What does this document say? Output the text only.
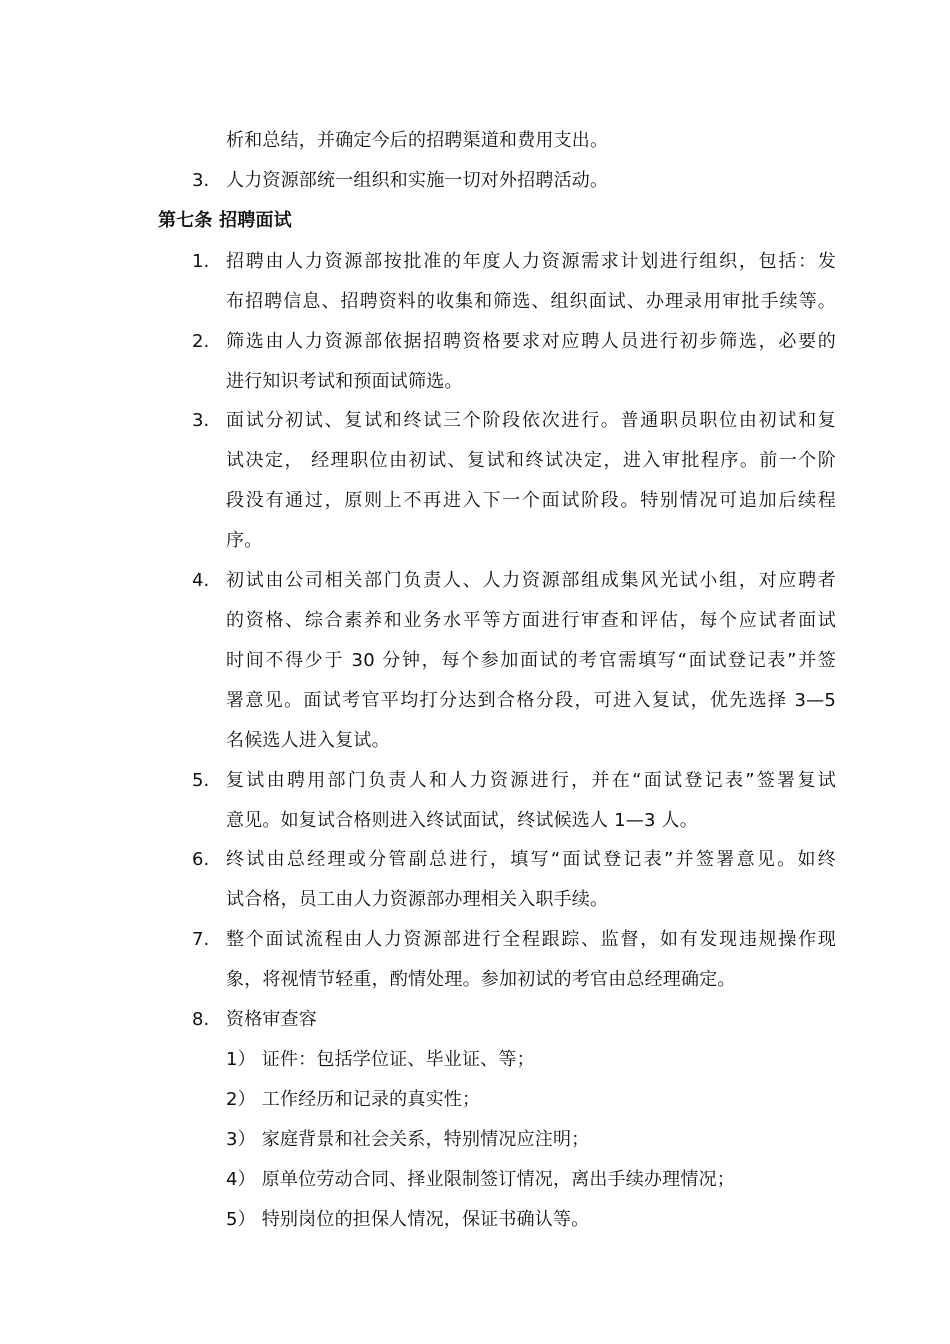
析和总结，并确定今后的招聘渠道和费用支出。
3. 人力资源部统一组织和实施一切对外招聘活动。
第七条 招聘面试
1. 招聘由人力资源部按批准的年度人力资源需求计划进行组织，包括：发
布招聘信息、招聘资料的收集和筛选、组织面试、办理录用审批手续等。
2. 筛选由人力资源部依据招聘资格要求对应聘人员进行初步筛选，必要的
进行知识考试和预面试筛选。
3. 面试分初试、复试和终试三个阶段依次进行。普通职员职位由初试和复
试决定， 经理职位由初试、复试和终试决定，进入审批程序。前一个阶
段没有通过，原则上不再进入下一个面试阶段。特别情况可追加后续程
序。
4. 初试由公司相关部门负责人、人力资源部组成集风光试小组，对应聘者
的资格、综合素养和业务水平等方面进行审查和评估，每个应试者面试
时间不得少于 30 分钟，每个参加面试的考官需填写“面试登记表”并签
署意见。面试考官平均打分达到合格分段，可进入复试，优先选择 3—5
名候选人进入复试。
5. 复试由聘用部门负责人和人力资源进行，并在“面试登记表”签署复试
意见。如复试合格则进入终试面试，终试候选人 1—3 人。
6. 终试由总经理或分管副总进行，填写“面试登记表”并签署意见。如终
试合格，员工由人力资源部办理相关入职手续。
7. 整个面试流程由人力资源部进行全程跟踪、监督，如有发现违规操作现
象，将视情节轻重，酌情处理。参加初试的考官由总经理确定。
8. 资格审查容
1） 证件：包括学位证、毕业证、等；
2） 工作经历和记录的真实性；
3） 家庭背景和社会关系，特别情况应注明；
4） 原单位劳动合同、择业限制签订情况，离出手续办理情况；
5） 特别岗位的担保人情况，保证书确认等。
